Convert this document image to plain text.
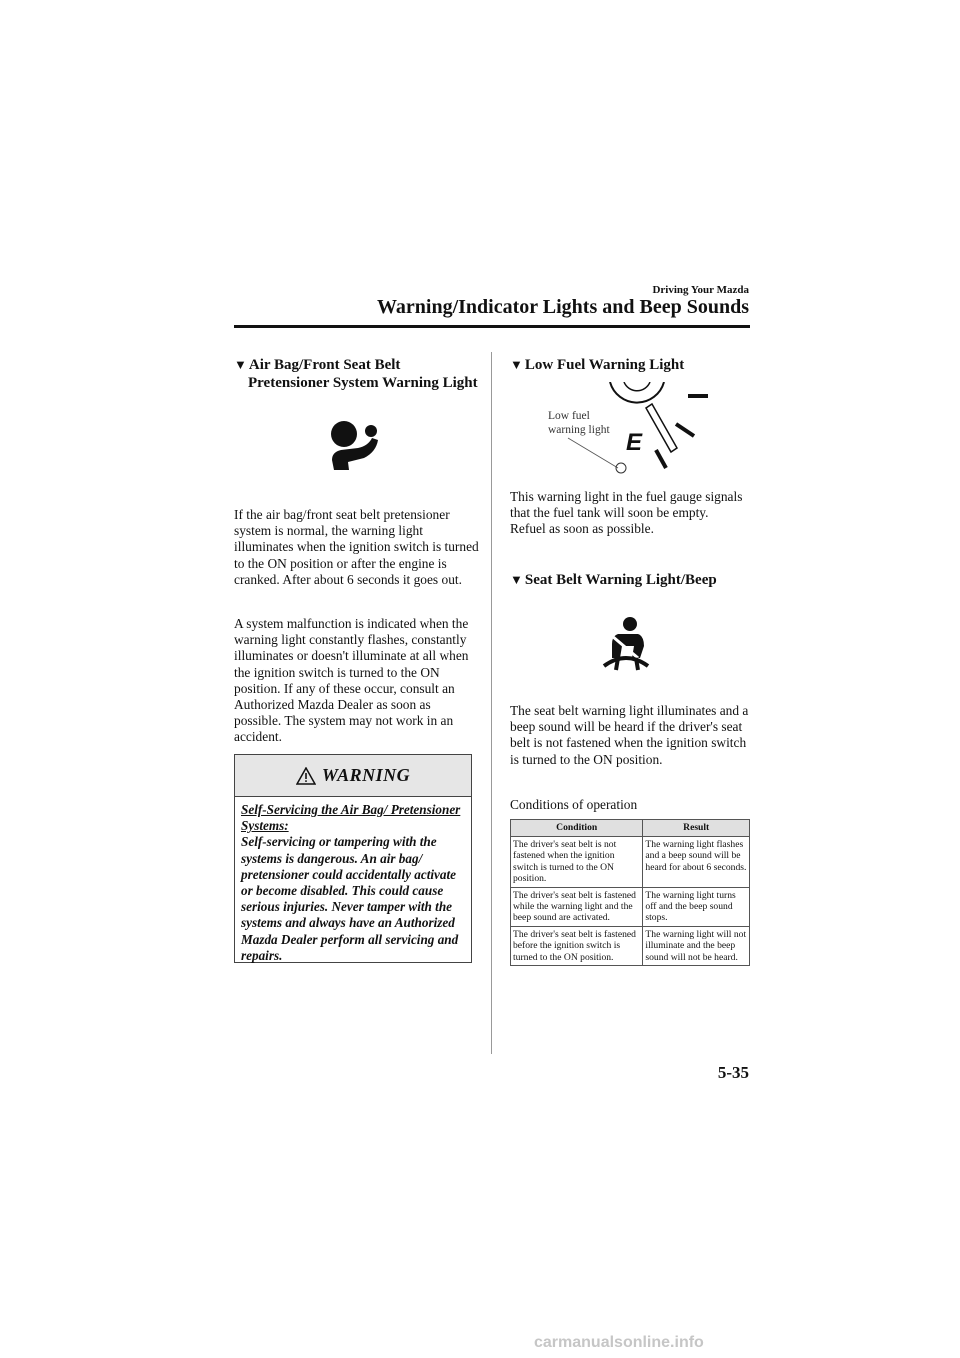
Driving Your Mazda
Warning/Indicator Lights and Beep Sounds
▼ Air Bag/Front Seat Belt
Pretensioner System Warning Light

If the air bag/front seat belt pretensioner system is normal, the warning light illuminates when the ignition switch is turned to the ON position or after the engine is cranked. After about 6 seconds it goes out.

A system malfunction is indicated when the warning light constantly flashes, constantly illuminates or doesn't illuminate at all when the ignition switch is turned to the ON position. If any of these occur, consult an Authorized Mazda Dealer as soon as possible. The system may not work in an accident.

WARNING
Self-Servicing the Air Bag/ Pretensioner Systems:
Self-servicing or tampering with the systems is dangerous. An air bag/ pretensioner could accidentally activate or become disabled. This could cause serious injuries. Never tamper with the systems and always have an Authorized Mazda Dealer perform all servicing and repairs.
▼ Low Fuel Warning Light
E
Low fuel
warning light

This warning light in the fuel gauge signals that the fuel tank will soon be empty.

Refuel as soon as possible.

▼ Seat Belt Warning Light/Beep

The seat belt warning light illuminates and a beep sound will be heard if the driver's seat belt is not fastened when the ignition switch is turned to the ON position.

Conditions of operation

Condition	Result
The driver's seat belt is not fastened when the ignition switch is turned to the ON position.	The warning light flashes and a beep sound will be heard for about 6 seconds.
The driver's seat belt is fastened while the warning light and the beep sound are activated.	The warning light turns off and the beep sound stops.
The driver's seat belt is fastened before the ignition switch is turned to the ON position.	The warning light will not illuminate and the beep sound will not be heard.
5-35
carmanualsonline.info
